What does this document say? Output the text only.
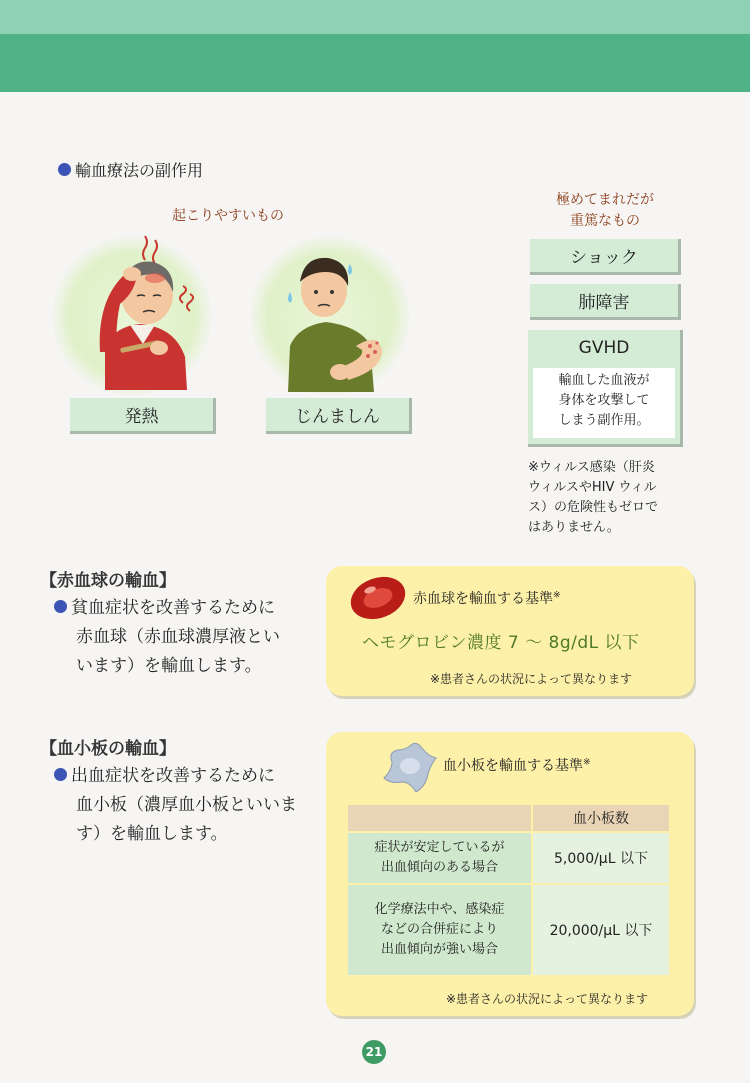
輸血療法の副作用
起こりやすいもの
極めてまれだが
重篤なもの
発熱	じんましん
ショック
肺障害
GVHD
輸血した血液が
身体を攻撃して
しまう副作用。
※ウィルス感染（肝炎
ウィルスやHIV ウィル
ス）の危険性もゼロで
はありません。
【赤血球の輸血】
貧血症状を改善するために
赤血球（赤血球濃厚液とい
います）を輸血します。
赤血球を輸血する基準※
ヘモグロビン濃度 7 ～ 8g/dL 以下
※患者さんの状況によって異なります
【血小板の輸血】
出血症状を改善するために
血小板（濃厚血小板といいま
す）を輸血します。
血小板を輸血する基準※
	血小板数

症状が安定しているが
出血傾向のある場合	5,000/μL 以下

化学療法中や、感染症
などの合併症により
出血傾向が強い場合	20,000/μL 以下
※患者さんの状況によって異なります
21
